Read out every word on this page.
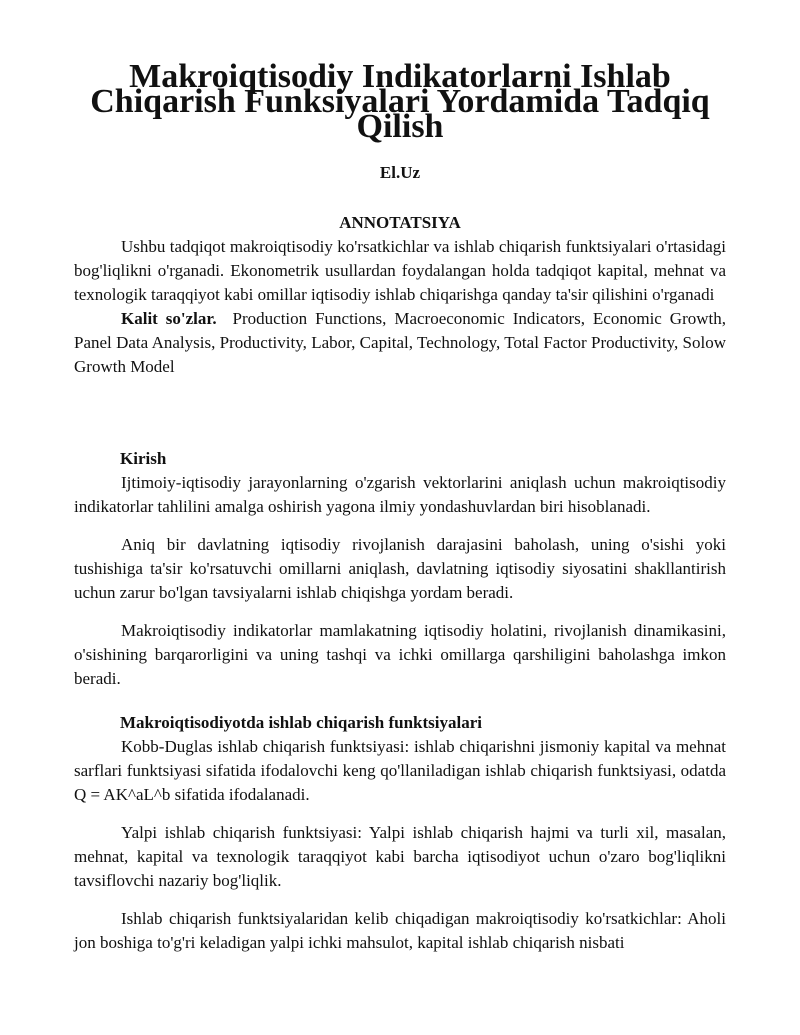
Makroiqtisodiy Indikatorlarni Ishlab Chiqarish Funksiyalari Yordamida Tadqiq Qilish
El.Uz
ANNOTATSIYA

Ushbu tadqiqot makroiqtisodiy ko'rsatkichlar va ishlab chiqarish funktsiyalari o'rtasidagi bog'liqlikni o'rganadi. Ekonometrik usullardan foydalangan holda tadqiqot kapital, mehnat va texnologik taraqqiyot kabi omillar iqtisodiy ishlab chiqarishga qanday ta'sir qilishini o'rganadi

Kalit so'zlar. Production Functions, Macroeconomic Indicators, Economic Growth, Panel Data Analysis, Productivity, Labor, Capital, Technology, Total Factor Productivity, Solow Growth Model

Kirish

Ijtimoiy-iqtisodiy jarayonlarning o'zgarish vektorlarini aniqlash uchun makroiqtisodiy indikatorlar tahlilini amalga oshirish yagona ilmiy yondashuvlardan biri hisoblanadi.

Aniq bir davlatning iqtisodiy rivojlanish darajasini baholash, uning o'sishi yoki tushishiga ta'sir ko'rsatuvchi omillarni aniqlash, davlatning iqtisodiy siyosatini shakllantirish uchun zarur bo'lgan tavsiyalarni ishlab chiqishga yordam beradi.

Makroiqtisodiy indikatorlar mamlakatning iqtisodiy holatini, rivojlanish dinamikasini, o'sishining barqarorligini va uning tashqi va ichki omillarga qarshiligini baholashga imkon beradi.

Makroiqtisodiyotda ishlab chiqarish funktsiyalari

Kobb-Duglas ishlab chiqarish funktsiyasi: ishlab chiqarishni jismoniy kapital va mehnat sarflari funktsiyasi sifatida ifodalovchi keng qo'llaniladigan ishlab chiqarish funktsiyasi, odatda Q = AK^aL^b sifatida ifodalanadi.

Yalpi ishlab chiqarish funktsiyasi: Yalpi ishlab chiqarish hajmi va turli xil, masalan, mehnat, kapital va texnologik taraqqiyot kabi barcha iqtisodiyot uchun o'zaro bog'liqlikni tavsiflovchi nazariy bog'liqlik.

Ishlab chiqarish funktsiyalaridan kelib chiqadigan makroiqtisodiy ko'rsatkichlar: Aholi jon boshiga to'g'ri keladigan yalpi ichki mahsulot, kapital ishlab chiqarish nisbati
